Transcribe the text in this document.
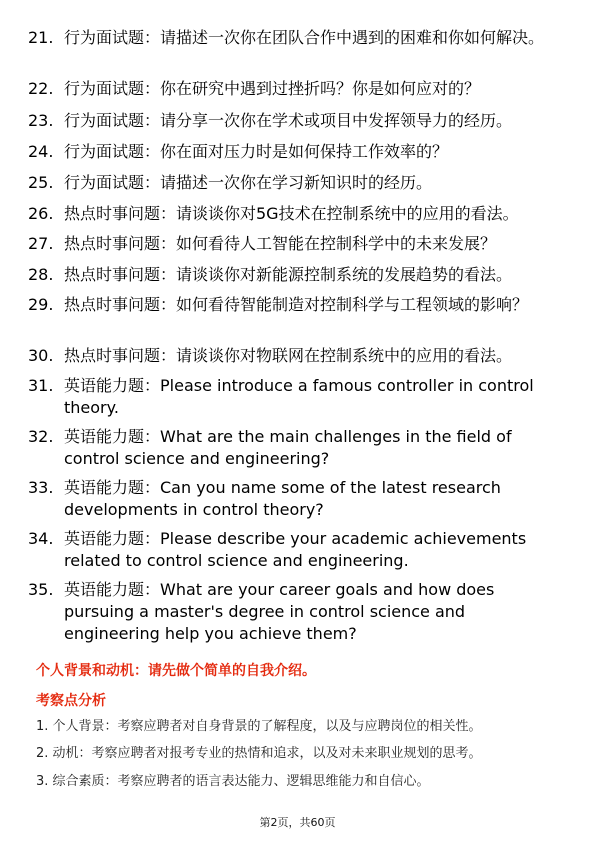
21. 行为面试题：请描述一次你在团队合作中遇到的困难和你如何解决。
22. 行为面试题：你在研究中遇到过挫折吗？你是如何应对的？
23. 行为面试题：请分享一次你在学术或项目中发挥领导力的经历。
24. 行为面试题：你在面对压力时是如何保持工作效率的？
25. 行为面试题：请描述一次你在学习新知识时的经历。
26. 热点时事问题：请谈谈你对5G技术在控制系统中的应用的看法。
27. 热点时事问题：如何看待人工智能在控制科学中的未来发展？
28. 热点时事问题：请谈谈你对新能源控制系统的发展趋势的看法。
29. 热点时事问题：如何看待智能制造对控制科学与工程领域的影响？
30. 热点时事问题：请谈谈你对物联网在控制系统中的应用的看法。
31. 英语能力题：Please introduce a famous controller in control theory.
32. 英语能力题：What are the main challenges in the field of control science and engineering?
33. 英语能力题：Can you name some of the latest research developments in control theory?
34. 英语能力题：Please describe your academic achievements related to control science and engineering.
35. 英语能力题：What are your career goals and how does pursuing a master's degree in control science and engineering help you achieve them?
个人背景和动机：请先做个简单的自我介绍。
考察点分析
1. 个人背景：考察应聘者对自身背景的了解程度，以及与应聘岗位的相关性。
2. 动机：考察应聘者对报考专业的热情和追求，以及对未来职业规划的思考。
3. 综合素质：考察应聘者的语言表达能力、逻辑思维能力和自信心。
第2页，共60页
